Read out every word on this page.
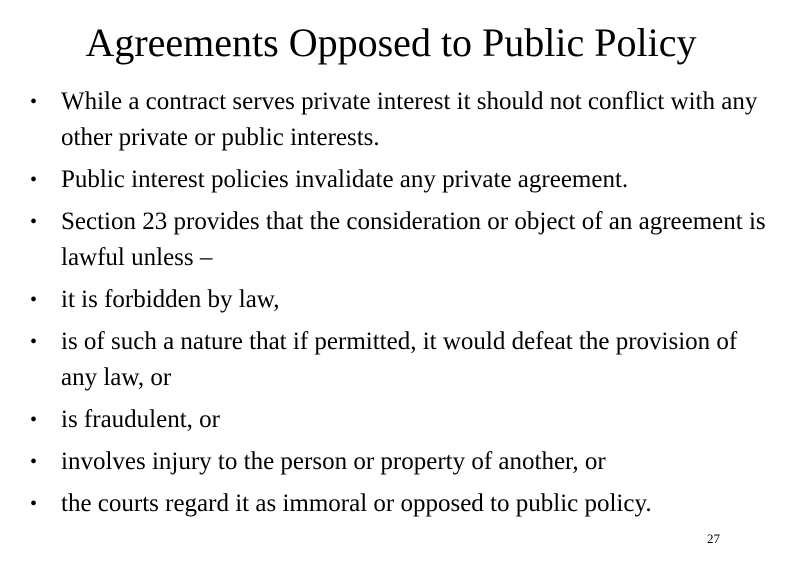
Agreements Opposed to Public Policy
• While a contract serves private interest it should not conflict with any other private or public interests.
• Public interest policies invalidate any private agreement.
• Section 23 provides that the consideration or object of an agreement is lawful unless –
• it is forbidden by law,
• is of such a nature that if permitted, it would defeat the provision of any law, or
• is fraudulent, or
• involves injury to the person or property of another, or
• the courts regard it as immoral or opposed to public policy.
27
